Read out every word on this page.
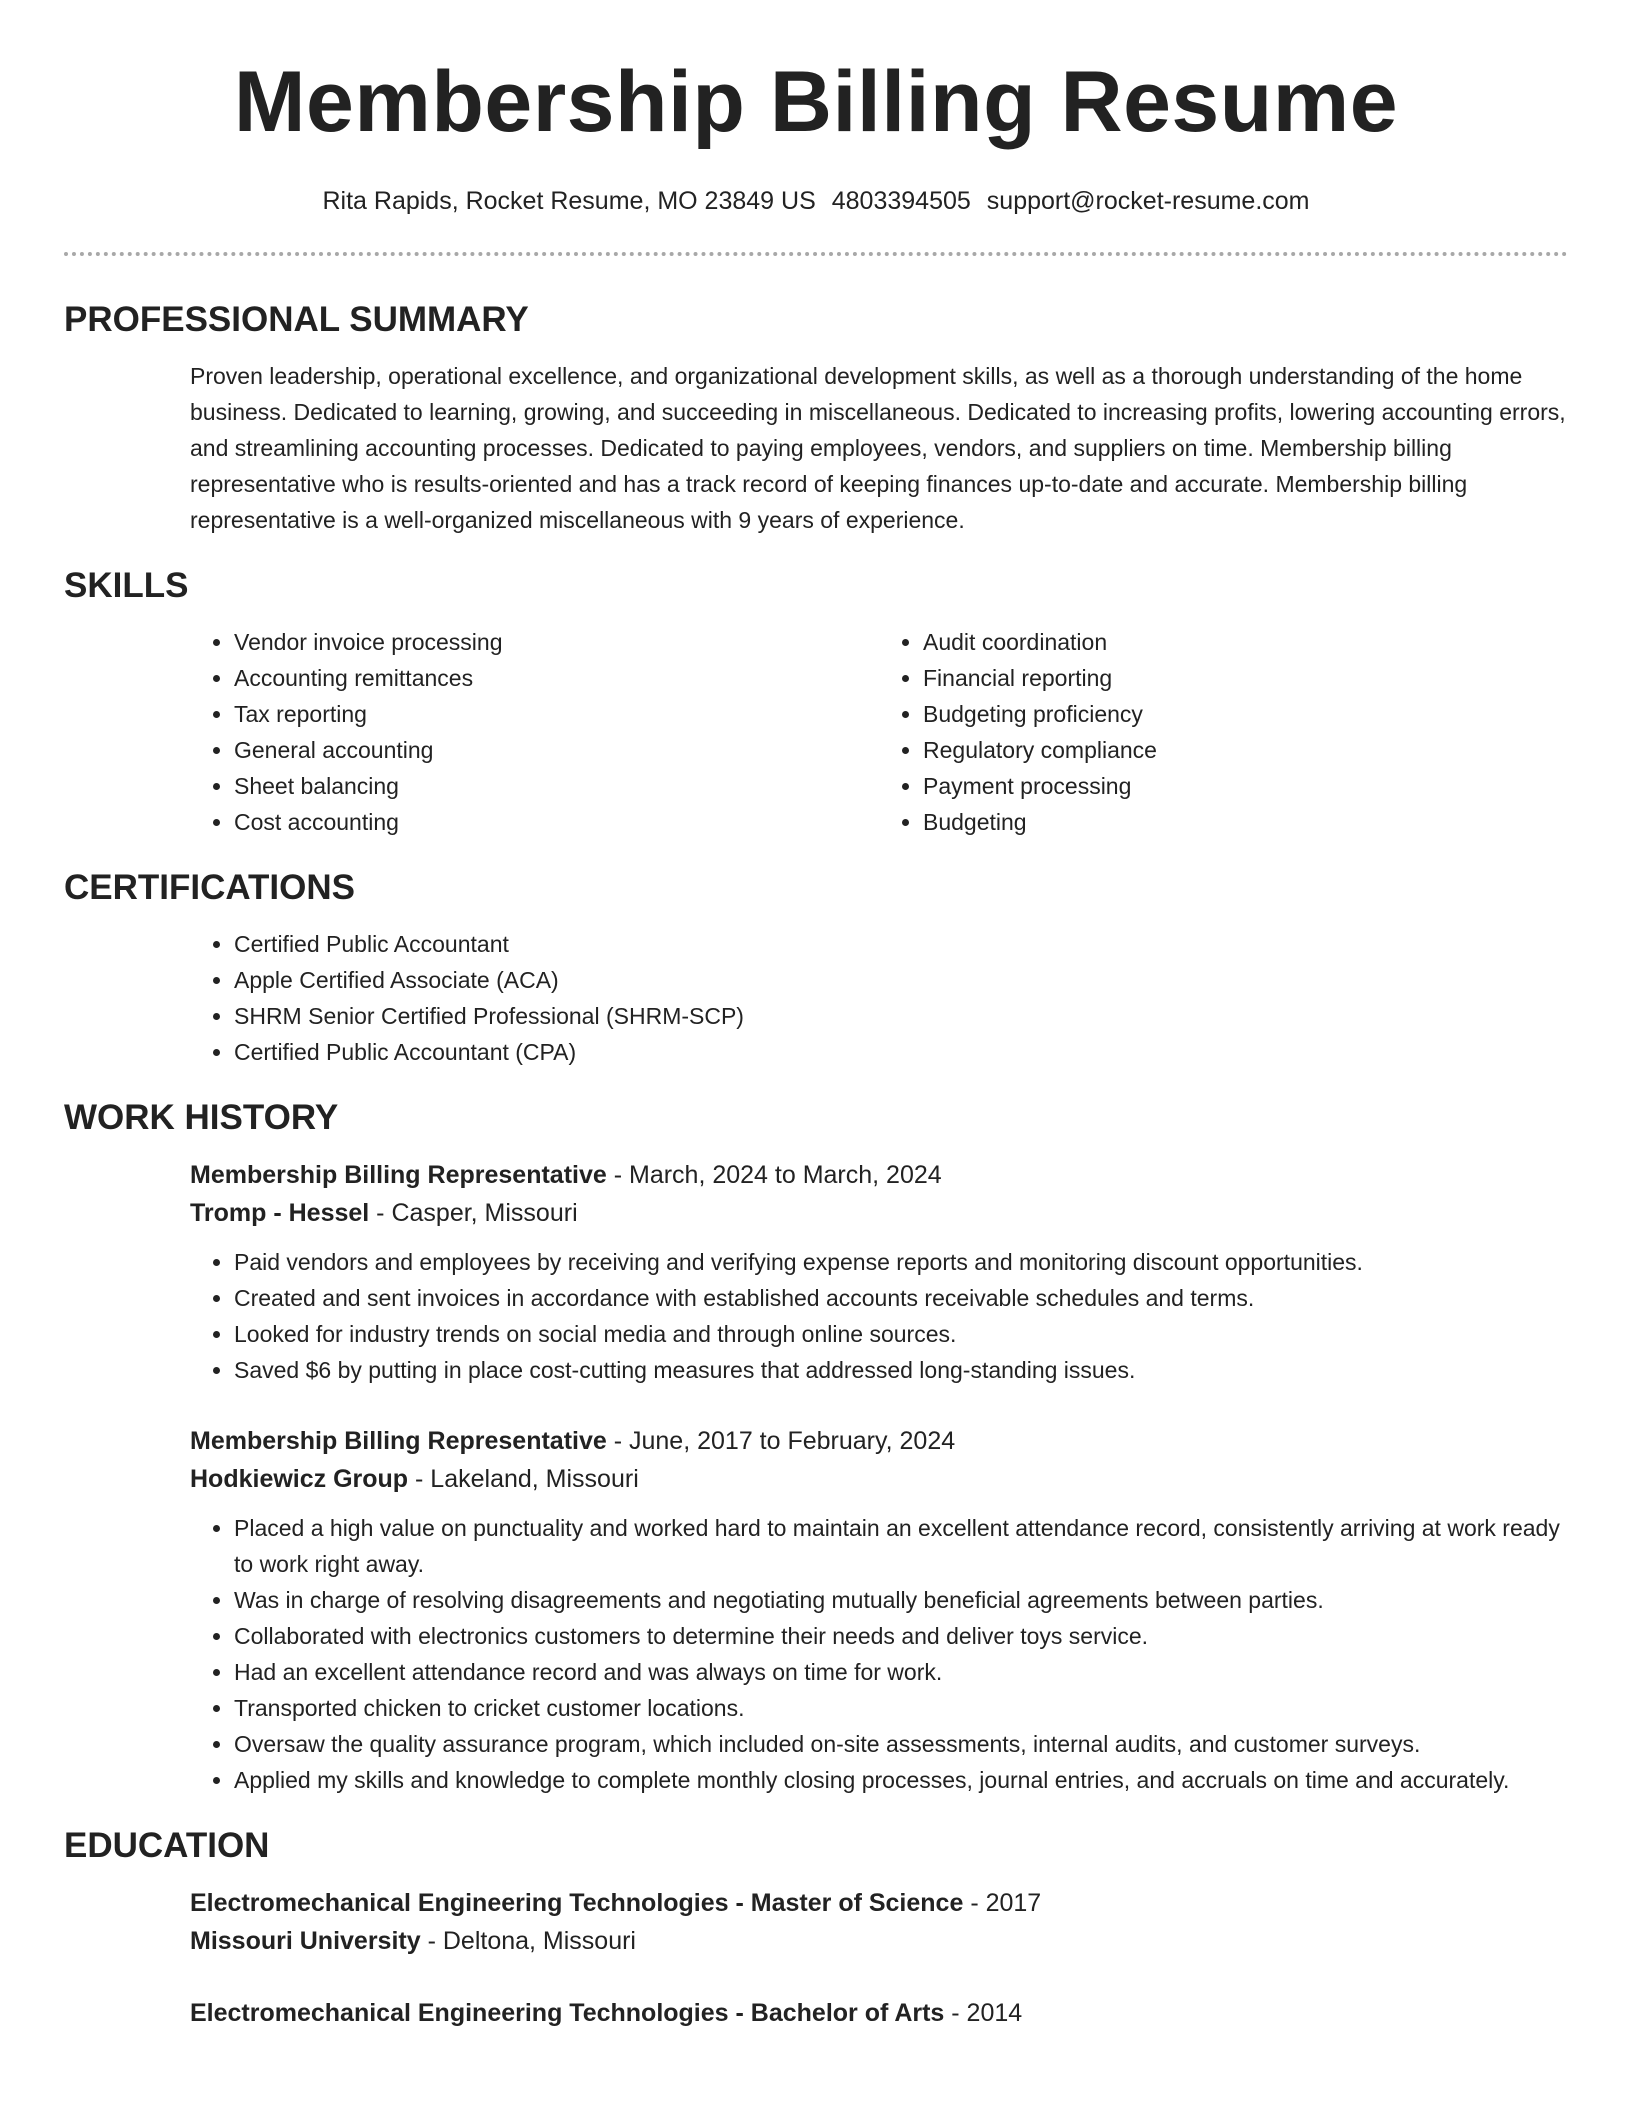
Membership Billing Resume
Rita Rapids, Rocket Resume, MO 23849 US 4803394505 support@rocket-resume.com
PROFESSIONAL SUMMARY

Proven leadership, operational excellence, and organizational development skills, as well as a thorough understanding of the home business. Dedicated to learning, growing, and succeeding in miscellaneous. Dedicated to increasing profits, lowering accounting errors, and streamlining accounting processes. Dedicated to paying employees, vendors, and suppliers on time. Membership billing representative who is results-oriented and has a track record of keeping finances up-to-date and accurate. Membership billing representative is a well-organized miscellaneous with 9 years of experience.

SKILLS
• Vendor invoice processing
• Accounting remittances
• Tax reporting
• General accounting
• Sheet balancing
• Cost accounting
• Audit coordination
• Financial reporting
• Budgeting proficiency
• Regulatory compliance
• Payment processing
• Budgeting
CERTIFICATIONS
• Certified Public Accountant
• Apple Certified Associate (ACA)
• SHRM Senior Certified Professional (SHRM-SCP)
• Certified Public Accountant (CPA)
WORK HISTORY
Membership Billing Representative - March, 2024 to March, 2024
Tromp - Hessel - Casper, Missouri
• Paid vendors and employees by receiving and verifying expense reports and monitoring discount opportunities.
• Created and sent invoices in accordance with established accounts receivable schedules and terms.
• Looked for industry trends on social media and through online sources.
• Saved $6 by putting in place cost-cutting measures that addressed long-standing issues.
Membership Billing Representative - June, 2017 to February, 2024
Hodkiewicz Group - Lakeland, Missouri
• Placed a high value on punctuality and worked hard to maintain an excellent attendance record, consistently arriving at work ready to work right away.
• Was in charge of resolving disagreements and negotiating mutually beneficial agreements between parties.
• Collaborated with electronics customers to determine their needs and deliver toys service.
• Had an excellent attendance record and was always on time for work.
• Transported chicken to cricket customer locations.
• Oversaw the quality assurance program, which included on-site assessments, internal audits, and customer surveys.
• Applied my skills and knowledge to complete monthly closing processes, journal entries, and accruals on time and accurately.
EDUCATION
Electromechanical Engineering Technologies - Master of Science - 2017
Missouri University - Deltona, Missouri
Electromechanical Engineering Technologies - Bachelor of Arts - 2014
